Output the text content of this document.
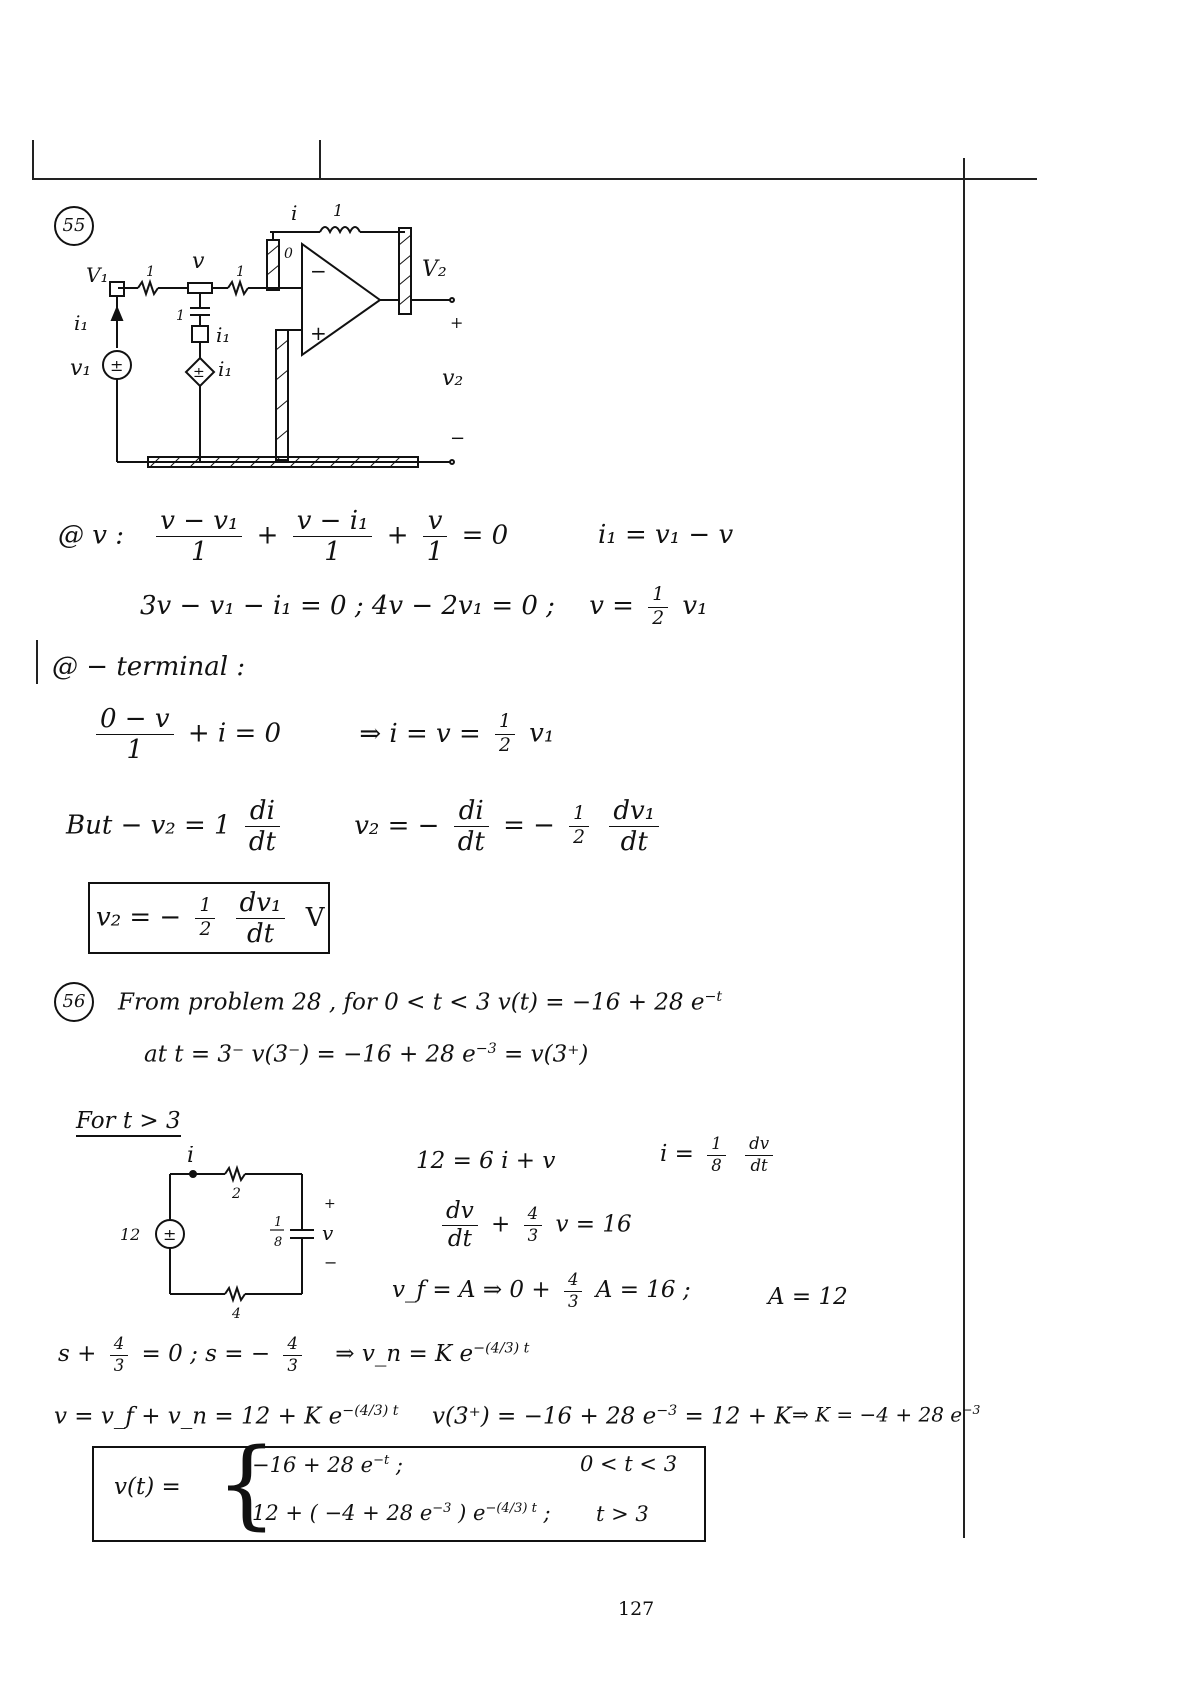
55
i 1
V₁	1 v 1
0
−
+
V₂
i₁
v₁ ±
1
i₁
i₁
±
+
v₂
−
@ v : $\frac{\text{v − v₁}}{1} + \frac{\text{v − i₁}}{1} + \frac{v}{1} = 0$	i₁ = v₁ − v
3v − v₁ − i₁ = 0 ; 4v − 2v₁ = 0 ; $v = \frac{1}{2} v_1$
@ − terminal :
$\frac{0 - v}{1} + i = 0$	⇒ $i = v = \frac{1}{2} v_1$
But − $v_2 = 1 \frac{di}{dt}$	v₂ = − $\frac{di}{dt}$ = − $\frac{1}{2}$
$\frac{\text{dv₁}}{dt}$
v₂ = − $\frac{1}{2}$
$\frac{\text{dv₁}}{dt}$ V
56	From problem 28 , for 0 < t < 3 v(t) = −16 + 28 $e^{-t}$
at t = 3⁻ v(3⁻) = −16 + 28 $e^{-3} = v(3^+)$
For t > 3
±
i
2
12
1
8
+
v
−
4
12 = 6 i + v	$i = \frac{1}{8}$
$\frac{dv}{dt}$
$\frac{dv}{dt} + \frac{4}{3}$ v = 16
v_f = A ⇒ $0 + \frac{4}{3}$ A = 16 ;	A = 12
$s + \frac{4}{3} = 0$ ; s = − $\frac{4}{3}$ ⇒ v_n = K $e^{-(4/3) t}$
v = v_f + v_n = 12 + K $e^{-(4/3) t}$ v(3⁺) = −16 + 28 $e^{-3} = 12 + K$ ⇒ K = −4 + 28 $e^{-3}$
v(t) = {
−16 + 28 $e^{-t}$ ;	0 < t < 3
12 + ( −4 + 28 $e^{-3}$ ) $e^{-(4/3) t}$ ; t > 3
127
